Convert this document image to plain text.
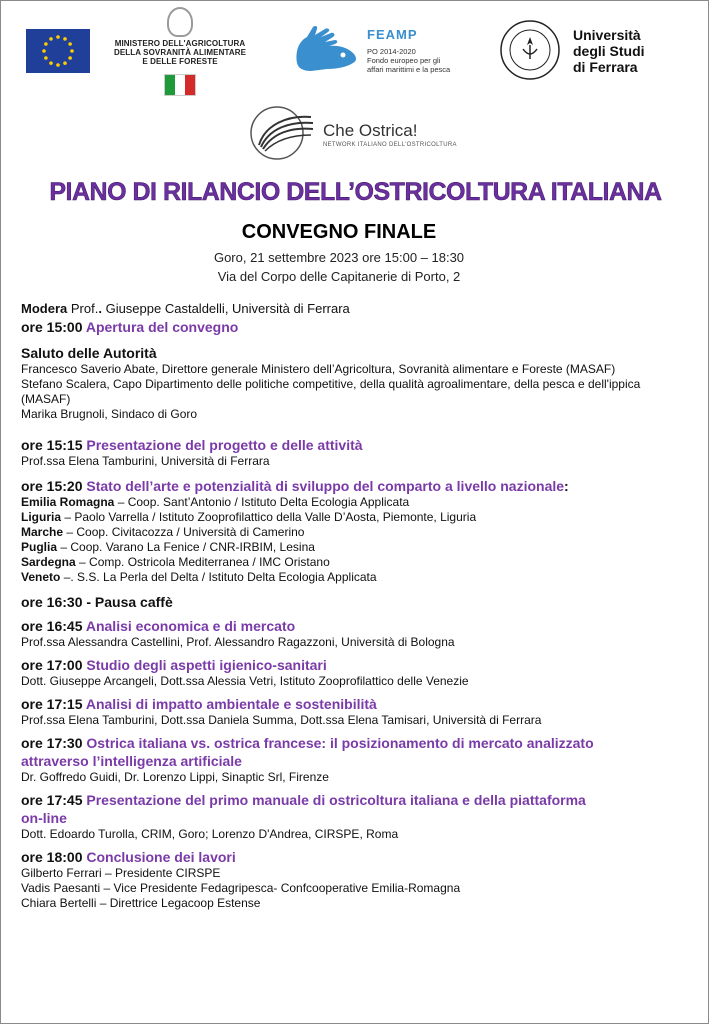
MINISTERO DELL'AGRICOLTURA
DELLA SOVRANITÀ ALIMENTARE
E DELLE FORESTE
FEAMP
PO 2014-2020
Fondo europeo per gli
affari marittimi e la pesca
Università
degli Studi
di Ferrara
Che Ostrica!
NETWORK ITALIANO DELL'OSTRICOLTURA
PIANO DI RILANCIO DELL’OSTRICOLTURA ITALIANA
CONVEGNO FINALE
Goro, 21 settembre 2023 ore 15:00 – 18:30
Via del Corpo delle Capitanerie di Porto, 2
Modera Prof.. Giuseppe Castaldelli, Università di Ferrara
ore 15:00 Apertura del convegno
Saluto delle Autorità
Francesco Saverio Abate, Direttore generale Ministero dell’Agricoltura, Sovranità alimentare e Foreste (MASAF)
Stefano Scalera, Capo Dipartimento delle politiche competitive, della qualità agroalimentare, della pesca e dell'ippica
(MASAF)
Marika Brugnoli, Sindaco di Goro
ore 15:15 Presentazione del progetto e delle attività
Prof.ssa Elena Tamburini, Università di Ferrara
ore 15:20 Stato dell’arte e potenzialità di sviluppo del comparto a livello nazionale:
Emilia Romagna – Coop. Sant’Antonio / Istituto Delta Ecologia Applicata
Liguria – Paolo Varrella / Istituto Zooprofilattico della Valle D’Aosta, Piemonte, Liguria
Marche – Coop. Civitacozza / Università di Camerino
Puglia – Coop. Varano La Fenice / CNR-IRBIM, Lesina
Sardegna – Comp. Ostricola Mediterranea / IMC Oristano
Veneto –. S.S. La Perla del Delta / Istituto Delta Ecologia Applicata
ore 16:30 - Pausa caffè
ore 16:45 Analisi economica e di mercato
Prof.ssa Alessandra Castellini, Prof. Alessandro Ragazzoni, Università di Bologna
ore 17:00 Studio degli aspetti igienico-sanitari
Dott. Giuseppe Arcangeli, Dott.ssa Alessia Vetri, Istituto Zooprofilattico delle Venezie
ore 17:15 Analisi di impatto ambientale e sostenibilità
Prof.ssa Elena Tamburini, Dott.ssa Daniela Summa, Dott.ssa Elena Tamisari, Università di Ferrara
ore 17:30 Ostrica italiana vs. ostrica francese: il posizionamento di mercato analizzato
attraverso l’intelligenza artificiale
Dr. Goffredo Guidi, Dr. Lorenzo Lippi, Sinaptic Srl, Firenze
ore 17:45 Presentazione del primo manuale di ostricoltura italiana e della piattaforma
on-line
Dott. Edoardo Turolla, CRIM, Goro; Lorenzo D'Andrea, CIRSPE, Roma
ore 18:00 Conclusione dei lavori
Gilberto Ferrari – Presidente CIRSPE
Vadis Paesanti – Vice Presidente Fedagripesca- Confcooperative Emilia-Romagna
Chiara Bertelli – Direttrice Legacoop Estense
